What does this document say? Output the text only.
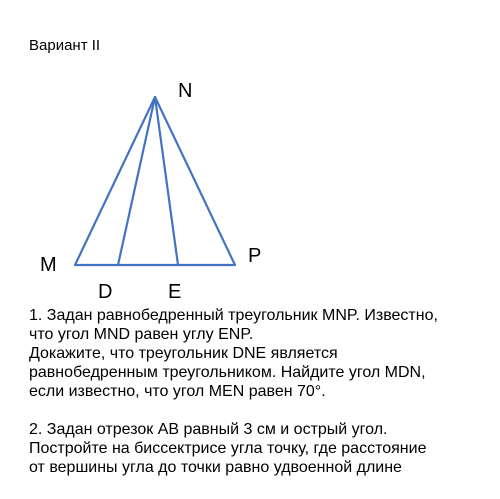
Вариант II
N
M	P
D	E
1. Задан равнобедренный треугольник MNP. Известно,
что угол MND равен углу ENP.
Докажите, что треугольник DNE является
равнобедренным треугольником. Найдите угол MDN,
если известно, что угол MEN равен 70°.
2. Задан отрезок AB равный 3 см и острый угол.
Постройте на биссектрисе угла точку, где расстояние
от вершины угла до точки равно удвоенной длине
